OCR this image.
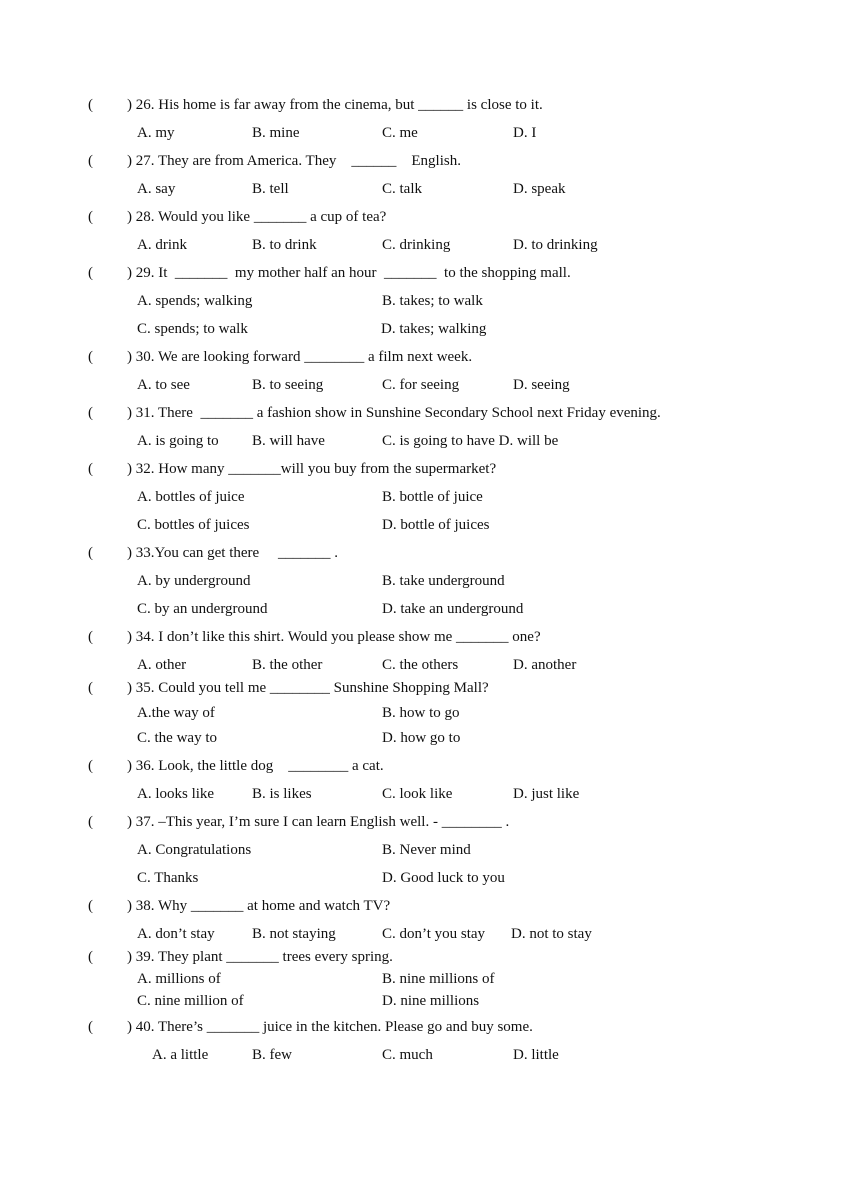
( ) 26. His home is far away from the cinema, but ______ is close to it.
A. my	B. mine	C. me	D. I
( ) 27. They are from America. They    ______    English.
A. say	B. tell	C. talk	D. speak
( ) 28. Would you like _______ a cup of tea?
A. drink	B. to drink	C. drinking	D. to drinking
( ) 29. It  _______  my mother half an hour  _______  to the shopping mall.
A. spends; walking	B. takes; to walk
C. spends; to walk	D. takes; walking
( ) 30. We are looking forward ________ a film next week.
A. to see	B. to seeing	C. for seeing	D. seeing
( ) 31. There  _______ a fashion show in Sunshine Secondary School next Friday evening.
A. is going to B. will have	C. is going to have D. will be
( ) 32. How many _______will you buy from the supermarket?
A. bottles of juice	B. bottle of juice
C. bottles of juices	D. bottle of juices
( ) 33.You can get there     _______ .
A. by underground	B. take underground
C. by an underground	D. take an underground
( ) 34. I don’t like this shirt. Would you please show me _______ one?
A. other	B. the other	C. the others	D. another
( ) 35. Could you tell me ________ Sunshine Shopping Mall?
A.the way of	B. how to go
C. the way to	D. how go to
( ) 36. Look, the little dog    ________ a cat.
A. looks like	B. is likes	C. look like	D. just like
( ) 37. –This year, I’m sure I can learn English well. - ________ .
A. Congratulations	B. Never mind
C. Thanks	D. Good luck to you
( ) 38. Why _______ at home and watch TV?
A. don’t stay B. not staying	C. don’t you stay D. not to stay
( ) 39. They plant _______ trees every spring.
A. millions of	B. nine millions of
C. nine million of	D. nine millions
( ) 40. There’s _______ juice in the kitchen. Please go and buy some.
A. a little	B. few	C. much	D. little
